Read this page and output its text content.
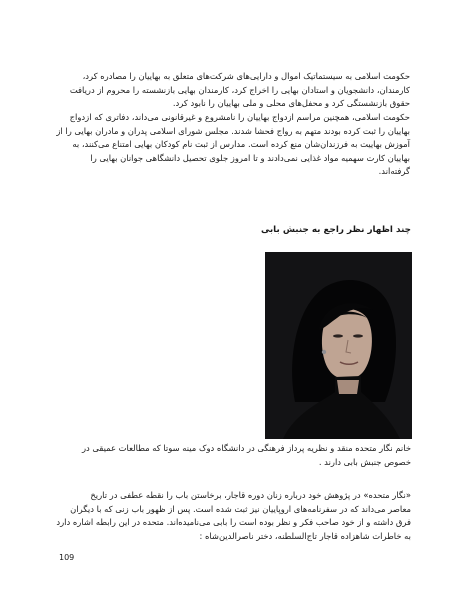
حکومت اسلامی به سیستماتیک اموال و دارایی‌های شرکت‌های متعلق به بهاییان را مصادره کرد،
کارمندان، دانشجویان و استادان بهایی را اخراج کرد، کارمندان بهایی بازنشسته را محروم از دریافت
حقوق بازنشستگی کرد و محفل‌های محلی و ملی بهاییان را نابود کرد.

حکومت اسلامی، همچنین مراسم ازدواج بهاییان را نامشروع و غیرقانونی می‌داند، دفاتری که ازدواج
بهاییان را ثبت کرده بودند متهم به رواج فحشا شدند. مجلس شورای اسلامی پدران و مادران بهایی را از
آموزش بهاییت به فرزندان‌شان منع کرده است. مدارس از ثبت نام کودکان بهایی امتناع می‌کنند، به
بهاییان کارت سهمیه مواد غذایی نمی‌دادند و تا امروز جلوی تحصیل دانشگاهی جوانان بهایی را
گرفته‌اند.

چند اظهار نظر راجع به جنبش بابی

خانم نگار متحده منقد و نظریه پرداز فرهنگی در دانشگاه دوک مینه سوتا که مطالعات عمیقی در
خصوص جنبش بابی دارند .

«نگار متحده» در پژوهش خود درباره زنان دوره قاجار، برخاستن باب را نقطه عطفی در تاریخ
معاصر می‌داند که در سفرنامه‌های اروپاییان نیز ثبت شده است. پس از ظهور باب زنی که با دیگران
فرق داشته و از خود صاحب فکر و نظر بوده است را بابی می‌نامیده‌اند. متحده در این رابطه اشاره دارد
به خاطرات شاهزاده قاجار تاج‌السلطنه، دختر ناصرالدین‌شاه :

109
